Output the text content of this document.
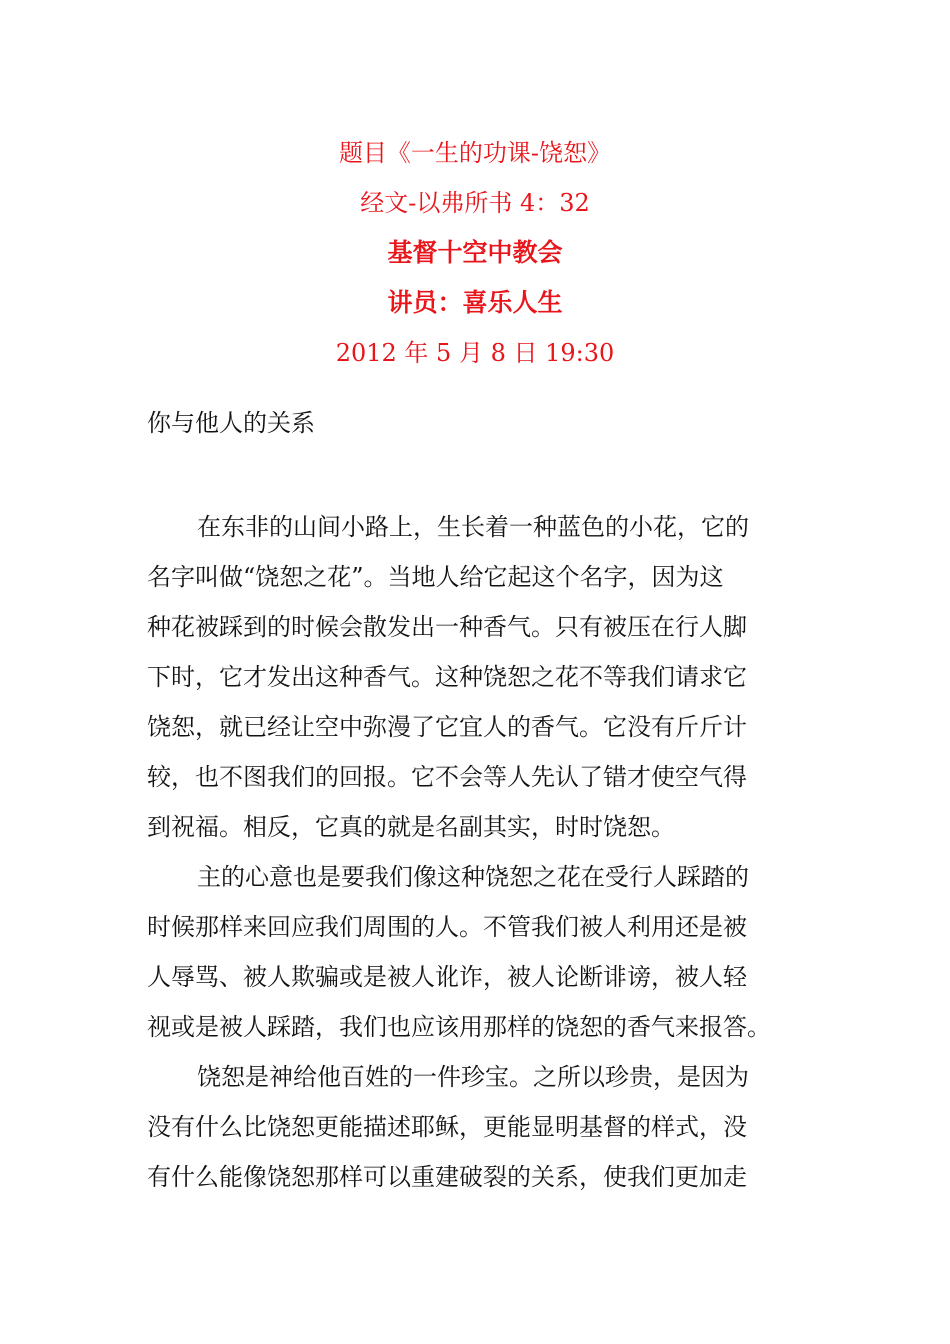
题目《一生的功课-饶恕》
经文-以弗所书 4：32
基督十空中教会
讲员：喜乐人生
2012 年 5 月 8 日 19:30
你与他人的关系
在东非的山间小路上，生长着一种蓝色的小花，它的
名字叫做“饶恕之花”。当地人给它起这个名字，因为这
种花被踩到的时候会散发出一种香气。只有被压在行人脚
下时，它才发出这种香气。这种饶恕之花不等我们请求它
饶恕，就已经让空中弥漫了它宜人的香气。它没有斤斤计
较，也不图我们的回报。它不会等人先认了错才使空气得
到祝福。相反，它真的就是名副其实，时时饶恕。
主的心意也是要我们像这种饶恕之花在受行人踩踏的
时候那样来回应我们周围的人。不管我们被人利用还是被
人辱骂、被人欺骗或是被人讹诈，被人论断诽谤，被人轻
视或是被人踩踏，我们也应该用那样的饶恕的香气来报答。
饶恕是神给他百姓的一件珍宝。之所以珍贵，是因为
没有什么比饶恕更能描述耶稣，更能显明基督的样式，没
有什么能像饶恕那样可以重建破裂的关系，使我们更加走
